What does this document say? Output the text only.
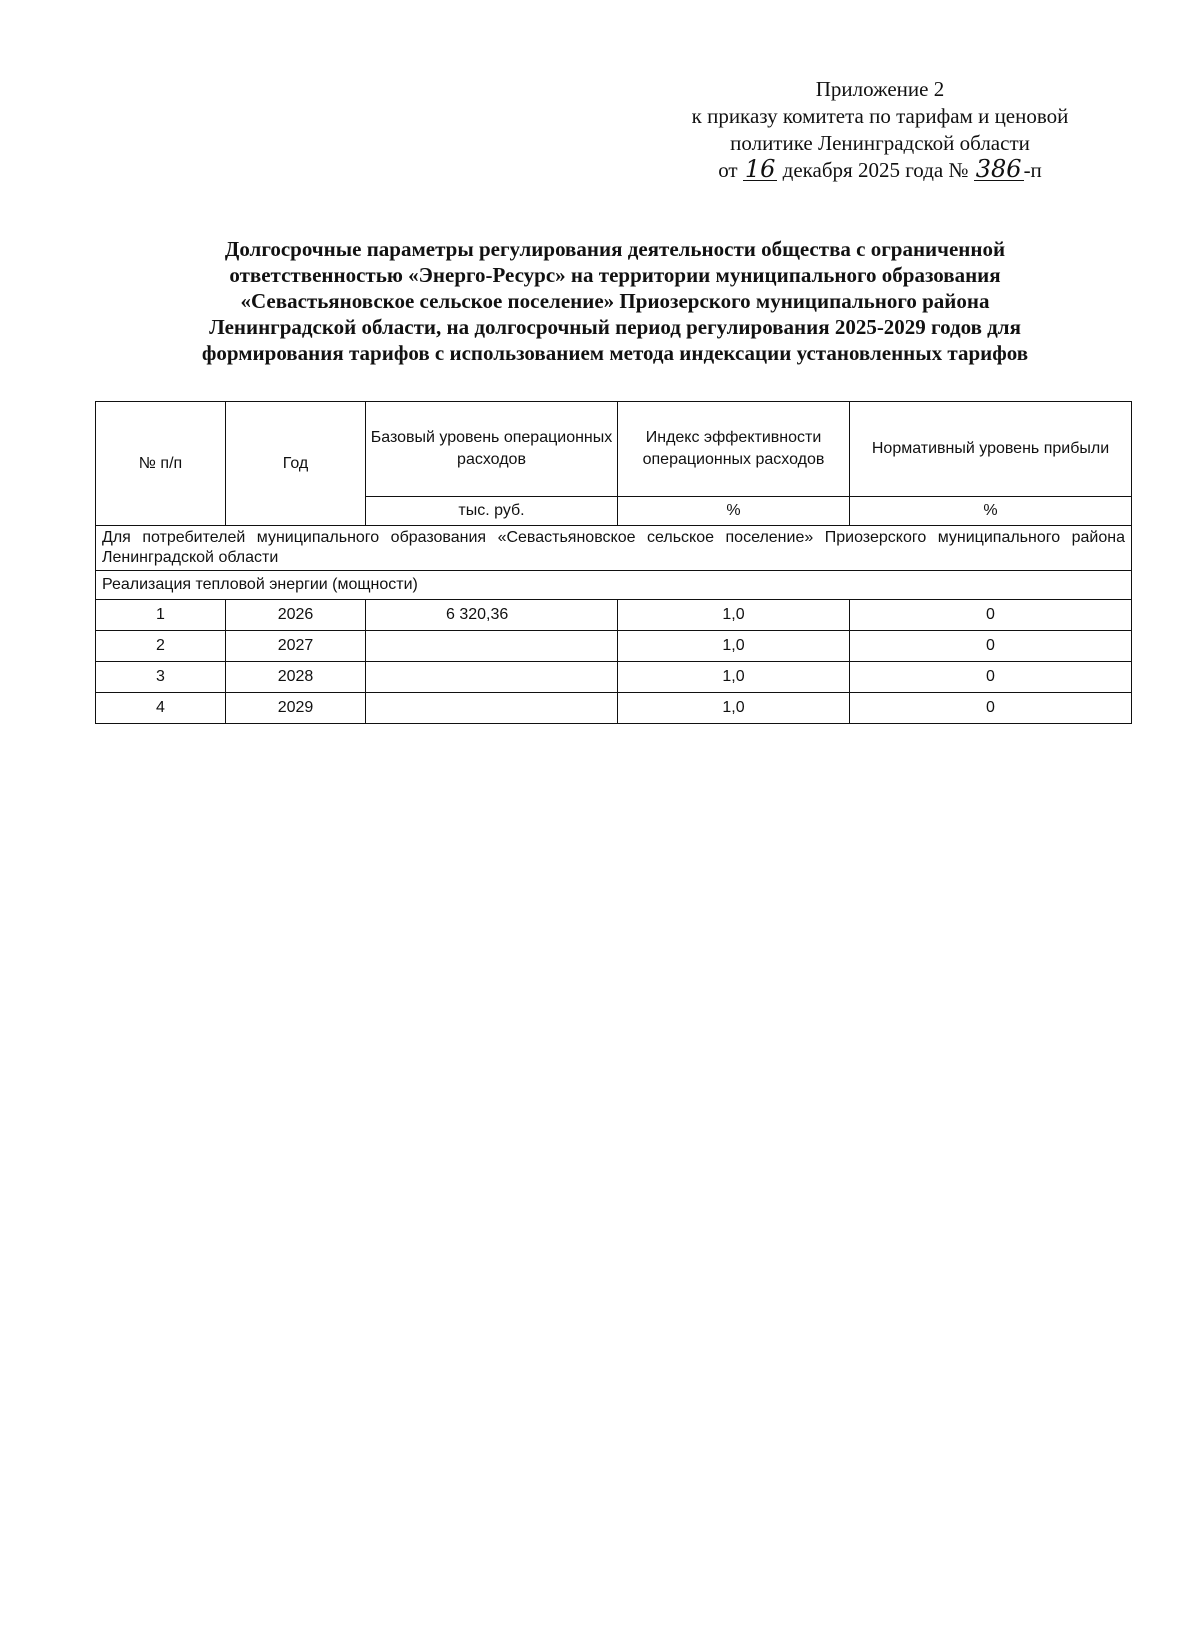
Приложение 2
к приказу комитета по тарифам и ценовой
политике Ленинградской области
от 16 декабря 2025 года № 386-п
Долгосрочные параметры регулирования деятельности общества с ограниченной
ответственностью «Энерго-Ресурс» на территории муниципального образования
«Севастьяновское сельское поселение» Приозерского муниципального района
Ленинградской области, на долгосрочный период регулирования 2025-2029 годов для
формирования тарифов с использованием метода индексации установленных тарифов
№ п/п	Год	Базовый уровень операционных расходов	Индекс эффективности операционных расходов	Нормативный уровень прибыли
		тыс. руб.	%	%
Для потребителей муниципального образования «Севастьяновское сельское поселение» Приозерского муниципального района Ленинградской области				
Реализация тепловой энергии (мощности)				
1	2026	6 320,36	1,0	0
2	2027		1,0	0
3	2028		1,0	0
4	2029		1,0	0
